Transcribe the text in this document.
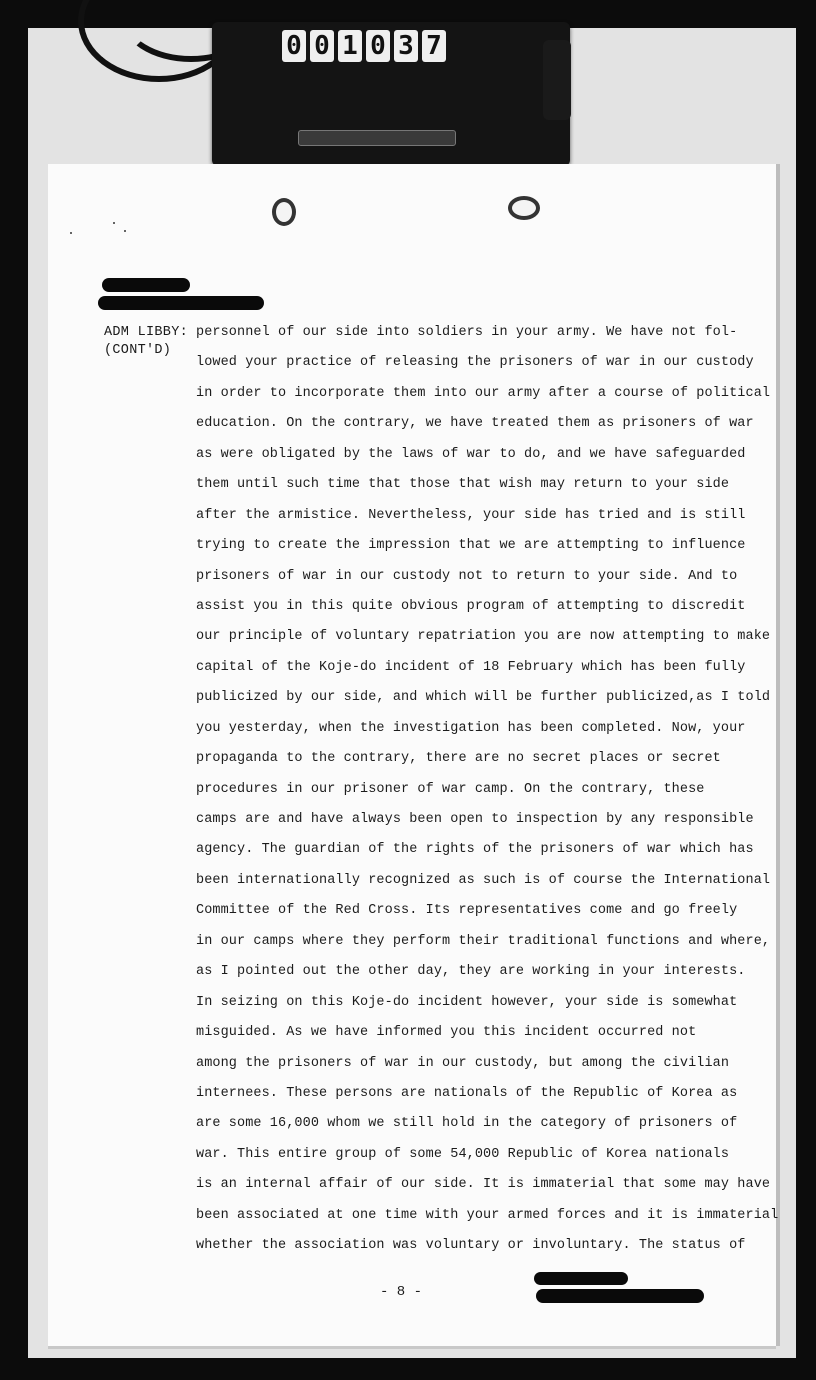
0 0 1 0 3 7
ADM LIBBY:
(CONT'D)
personnel of our side into soldiers in your army. We have not fol-
lowed your practice of releasing the prisoners of war in our custody
in order to incorporate them into our army after a course of political
education. On the contrary, we have treated them as prisoners of war
as were obligated by the laws of war to do, and we have safeguarded
them until such time that those that wish may return to your side
after the armistice. Nevertheless, your side has tried and is still
trying to create the impression that we are attempting to influence
prisoners of war in our custody not to return to your side. And to
assist you in this quite obvious program of attempting to discredit
our principle of voluntary repatriation you are now attempting to make
capital of the Koje-do incident of 18 February which has been fully
publicized by our side, and which will be further publicized,as I told
you yesterday, when the investigation has been completed. Now, your
propaganda to the contrary, there are no secret places or secret
procedures in our prisoner of war camp. On the contrary, these
camps are and have always been open to inspection by any responsible
agency. The guardian of the rights of the prisoners of war which has
been internationally recognized as such is of course the International
Committee of the Red Cross. Its representatives come and go freely
in our camps where they perform their traditional functions and where,
as I pointed out the other day, they are working in your interests.
In seizing on this Koje-do incident however, your side is somewhat
misguided. As we have informed you this incident occurred not
among the prisoners of war in our custody, but among the civilian
internees. These persons are nationals of the Republic of Korea as
are some 16,000 whom we still hold in the category of prisoners of
war. This entire group of some 54,000 Republic of Korea nationals
is an internal affair of our side. It is immaterial that some may have
been associated at one time with your armed forces and it is immaterial
whether the association was voluntary or involuntary. The status of
- 8 -
